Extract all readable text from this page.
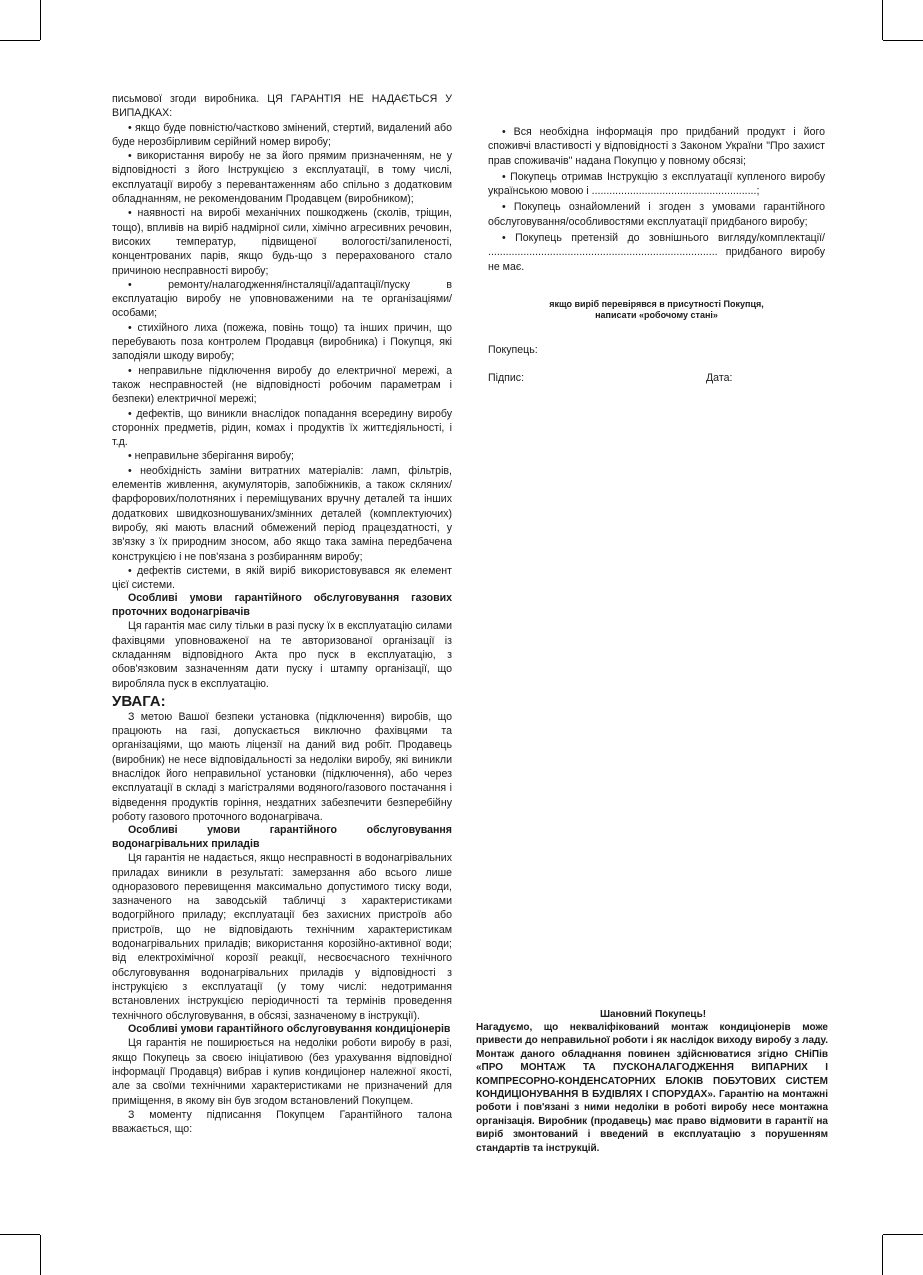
письмової згоди виробника. ЦЯ ГАРАНТІЯ НЕ НАДАЄТЬСЯ У ВИПАДКАХ:

• якщо буде повністю/частково змінений, стертий, видалений або буде нерозбірливим серійний номер виробу;

• використання виробу не за його прямим призначенням, не у відповідності з його Інструкцією з експлуатації, в тому числі, експлуатації виробу з перевантаженням або спільно з додатковим обладнанням, не рекомендованим Продавцем (виробником);

• наявності на виробі механічних пошкоджень (сколів, тріщин, тощо), впливів на виріб надмірної сили, хімічно агресивних речовин, високих температур, підвищеної вологості/запиленості, концентрованих парів, якщо будь-що з перерахованого стало причиною несправності виробу;

• ремонту/налагодження/інсталяції/адаптації/пуску в експлуатацію виробу не уповноваженими на те організаціями/особами;

• стихійного лиха (пожежа, повінь тощо) та інших причин, що перебувають поза контролем Продавця (виробника) і Покупця, які заподіяли шкоду виробу;

• неправильне підключення виробу до електричної мережі, а також несправностей (не відповідності робочим параметрам і безпеки) електричної мережі;

• дефектів, що виникли внаслідок попадання всередину виробу сторонніх предметів, рідин, комах і продуктів їх життєдіяльності, і т.д.

• неправильне зберігання виробу;

• необхідність заміни витратних матеріалів: ламп, фільтрів, елементів живлення, акумуляторів, запобіжників, а також скляних/фарфорових/полотняних і переміщуваних вручну деталей та інших додаткових швидкозношуваних/змінних деталей (комплектуючих) виробу, які мають власний обмежений період працездатності, у зв'язку з їх природним зносом, або якщо така заміна передбачена конструкцією і не пов'язана з розбиранням виробу;

• дефектів системи, в якій виріб використовувався як елемент цієї системи.

Особливі умови гарантійного обслуговування газових проточних водонагрівачів

Ця гарантія має силу тільки в разі пуску їх в експлуатацію силами фахівцями уповноваженої на те авторизованої організації із складанням відповідного Акта про пуск в експлуатацію, з обов'язковим зазначенням дати пуску і штампу організації, що виробляла пуск в експлуатацію.

УВАГА:

З метою Вашої безпеки установка (підключення) виробів, що працюють на газі, допускається виключно фахівцями та організаціями, що мають ліцензії на даний вид робіт. Продавець (виробник) не несе відповідальності за недоліки виробу, які виникли внаслідок його неправильної установки (підключення), або через експлуатації в складі з магістралями водяного/газового постачання і відведення продуктів горіння, нездатних забезпечити безперебійну роботу газового проточного водонагрівача.

Особливі умови гарантійного обслуговування водонагрівальних приладів

Ця гарантія не надається, якщо несправності в водонагрівальних приладах виникли в результаті: замерзання або всього лише одноразового перевищення максимально допустимого тиску води, зазначеного на заводській табличці з характеристиками водогрійного приладу; експлуатації без захисних пристроїв або пристроїв, що не відповідають технічним характеристикам водонагрівальних приладів; використання корозійно-активної води; від електрохімічної корозії реакції, несвоєчасного технічного обслуговування водонагрівальних приладів у відповідності з інструкцією з експлуатації (у тому числі: недотримання встановлених інструкцією періодичності та термінів проведення технічного обслуговування, в обсязі, зазначеному в інструкції).

Особливі умови гарантійного обслуговування кондиціонерів

Ця гарантія не поширюється на недоліки роботи виробу в разі, якщо Покупець за своєю ініціативою (без урахування відповідної інформації Продавця) вибрав і купив кондиціонер належної якості, але за своїми технічними характеристиками не призначений для приміщення, в якому він був згодом встановлений Покупцем.

З моменту підписання Покупцем Гарантійного талона вважається, що:

• Вся необхідна інформація про придбаний продукт і його споживчі властивості у відповідності з Законом України "Про захист прав споживачів" надана Покупцю у повному обсязі;

• Покупець отримав Інструкцію з експлуатації купленого виробу українською мовою і ........................................................;

• Покупець ознайомлений і згоден з умовами гарантійного обслуговування/особливостями експлуатації придбаного виробу;

• Покупець претензій до зовнішнього вигляду/комплектації/ .............................................................................. придбаного виробу не має.

якщо виріб перевірявся в присутності Покупця,
написати «робочому стані»
Покупець:
Підпис:	Дата:
Шановний Покупець!
Нагадуємо, що некваліфікований монтаж кондиціонерів може привести до неправильної роботи і як наслідок виходу виробу з ладу. Монтаж даного обладнання повинен здійснюватися згідно СНіПів «ПРО МОНТАЖ ТА ПУСКОНАЛАГОДЖЕННЯ ВИПАРНИХ І КОМПРЕСОРНО-КОНДЕНСАТОРНИХ БЛОКІВ ПОБУТОВИХ СИСТЕМ КОНДИЦІОНУВАННЯ В БУДІВЛЯХ І СПОРУДАХ». Гарантію на монтажні роботи і пов'язані з ними недоліки в роботі виробу несе монтажна організація. Виробник (продавець) має право відмовити в гарантії на виріб змонтований і введений в експлуатацію з порушенням стандартів та інструкцій.
